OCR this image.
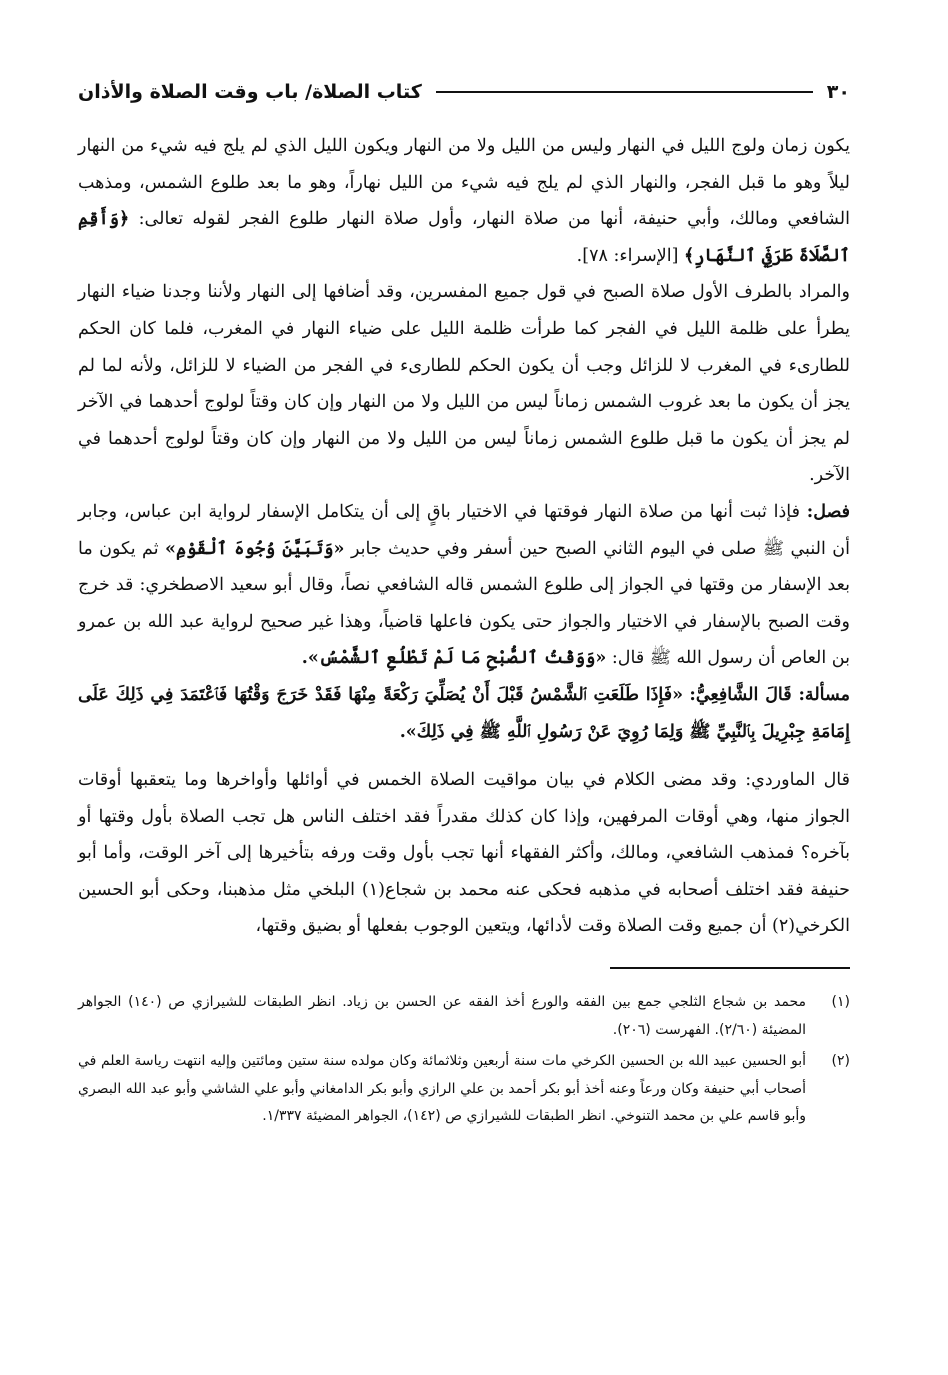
٣٠
كتاب الصلاة/ باب وقت الصلاة والأذان

يكون زمان ولوج الليل في النهار وليس من الليل ولا من النهار ويكون الليل الذي لم يلج فيه شيء من النهار ليلاً وهو ما قبل الفجر، والنهار الذي لم يلج فيه شيء من الليل نهاراً، وهو ما بعد طلوع الشمس، ومذهب الشافعي ومالك، وأبي حنيفة، أنها من صلاة النهار، وأول صلاة النهار طلوع الفجر لقوله تعالى: ﴿وَأَقِمِ ٱلصَّلَاةَ طَرَفَيِ ٱلنَّهَارِ﴾ [الإسراء: ٧٨].

والمراد بالطرف الأول صلاة الصبح في قول جميع المفسرين، وقد أضافها إلى النهار ولأننا وجدنا ضياء النهار يطرأ على ظلمة الليل في الفجر كما طرأت ظلمة الليل على ضياء النهار في المغرب، فلما كان الحكم للطارىء في المغرب لا للزائل وجب أن يكون الحكم للطارىء في الفجر من الضياء لا للزائل، ولأنه لما لم يجز أن يكون ما بعد غروب الشمس زماناً ليس من الليل ولا من النهار وإن كان وقتاً لولوج أحدهما في الآخر لم يجز أن يكون ما قبل طلوع الشمس زماناً ليس من الليل ولا من النهار وإن كان وقتاً لولوج أحدهما في الآخر.

فصل: فإذا ثبت أنها من صلاة النهار فوقتها في الاختيار باقٍ إلى أن يتكامل الإسفار لرواية ابن عباس، وجابر أن النبي ﷺ صلى في اليوم الثاني الصبح حين أسفر وفي حديث جابر «وَتَبَيَّنَ وُجُوهَ ٱلْقَوْمِ» ثم يكون ما بعد الإسفار من وقتها في الجواز إلى طلوع الشمس قاله الشافعي نصاً، وقال أبو سعيد الاصطخري: قد خرج وقت الصبح بالإسفار في الاختيار والجواز حتى يكون فاعلها قاضياً، وهذا غير صحيح لرواية عبد الله بن عمرو بن العاص أن رسول الله ﷺ قال: «وَوَقْتُ ٱلصُّبْحِ مَا لَمْ تَطْلُعِ ٱلشَّمْسُ».

مسألة: قَالَ الشَّافِعِيُّ: «فَإِذَا طَلَعَتِ ٱلشَّمْسُ قَبْلَ أَنْ يُصَلِّيَ رَكْعَةً مِنْهَا فَقَدْ خَرَجَ وَقْتُهَا فَٱعْتَمَدَ فِي ذَلِكَ عَلَى إِمَامَةِ جِبْرِيلَ بِٱلنَّبِيِّ ﷺ وَلِمَا رُوِيَ عَنْ رَسُولِ ٱللَّهِ ﷺ فِي ذَلِكَ».

قال الماوردي: وقد مضى الكلام في بيان مواقيت الصلاة الخمس في أوائلها وأواخرها وما يتعقبها أوقات الجواز منها، وهي أوقات المرفهين، وإذا كان كذلك مقدراً فقد اختلف الناس هل تجب الصلاة بأول وقتها أو بآخره؟ فمذهب الشافعي، ومالك، وأكثر الفقهاء أنها تجب بأول وقت ورفه بتأخيرها إلى آخر الوقت، وأما أبو حنيفة فقد اختلف أصحابه في مذهبه فحكى عنه محمد بن شجاع(١) البلخي مثل مذهبنا، وحكى أبو الحسين الكرخي(٢) أن جميع وقت الصلاة وقت لأدائها، ويتعين الوجوب بفعلها أو بضيق وقتها،

(١)
محمد بن شجاع الثلجي جمع بين الفقه والورع أخذ الفقه عن الحسن بن زياد. انظر الطبقات للشيرازي ص (١٤٠) الجواهر المضيئة (٢/٦٠). الفهرست (٢٠٦).
(٢)
أبو الحسين عبيد الله بن الحسين الكرخي مات سنة أربعين وثلاثمائة وكان مولده سنة ستين ومائتين وإليه انتهت رياسة العلم في أصحاب أبي حنيفة وكان ورعاً وعنه أخذ أبو بكر أحمد بن علي الرازي وأبو بكر الدامغاني وأبو علي الشاشي وأبو عبد الله البصري وأبو قاسم علي بن محمد التنوخي. انظر الطبقات للشيرازي ص (١٤٢)، الجواهر المضيئة ١/٣٣٧.
